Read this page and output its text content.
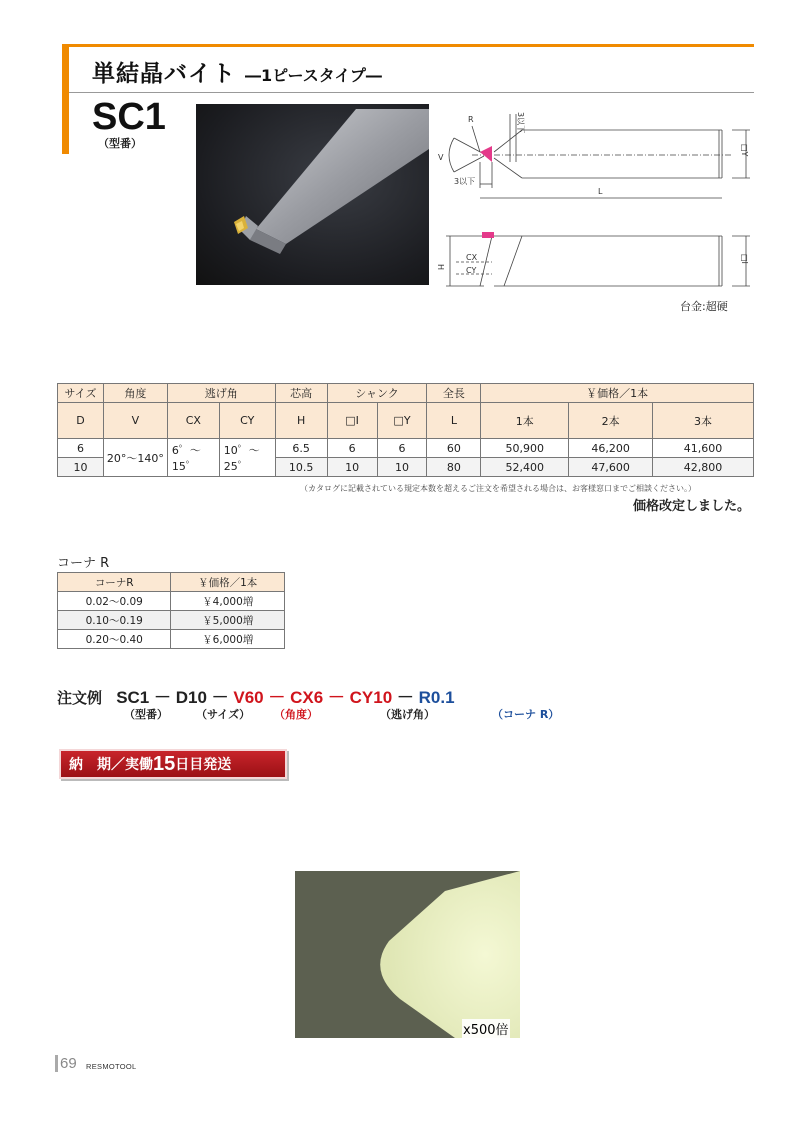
単結晶バイト ―1ピースタイプ―
SC1
（型番）
R
V
3以下
3以下
L
□Y
H
□I
CX
CY
台金:超硬
サイズ	角度	逃げ角		芯高	シャンク		全長	￥価格／1本		
D	V	CX	CY	H	□I	□Y	L	1本	2本	3本
6	20°～140°	6゜～15゜	10゜～25゜	6.5	6	6	60	50,900	46,200	41,600
10				10.5	10	10	80	52,400	47,600	42,800
（カタログに記載されている規定本数を超えるご注文を希望される場合は、お客様窓口までご相談ください。）
価格改定しました。
コーナ R
コーナR	￥価格／1本
0.02～0.09	￥4,000増
0.10～0.19	￥5,000増
0.20～0.40	￥6,000増
注文例 SC1 － D10 － V60 － CX6 － CY10 － R0.1
（型番）	（サイズ） （角度）	（逃げ角）	（コーナ R）
納　期／実働 15 日目発送
x500倍
69 RESMOTOOL
